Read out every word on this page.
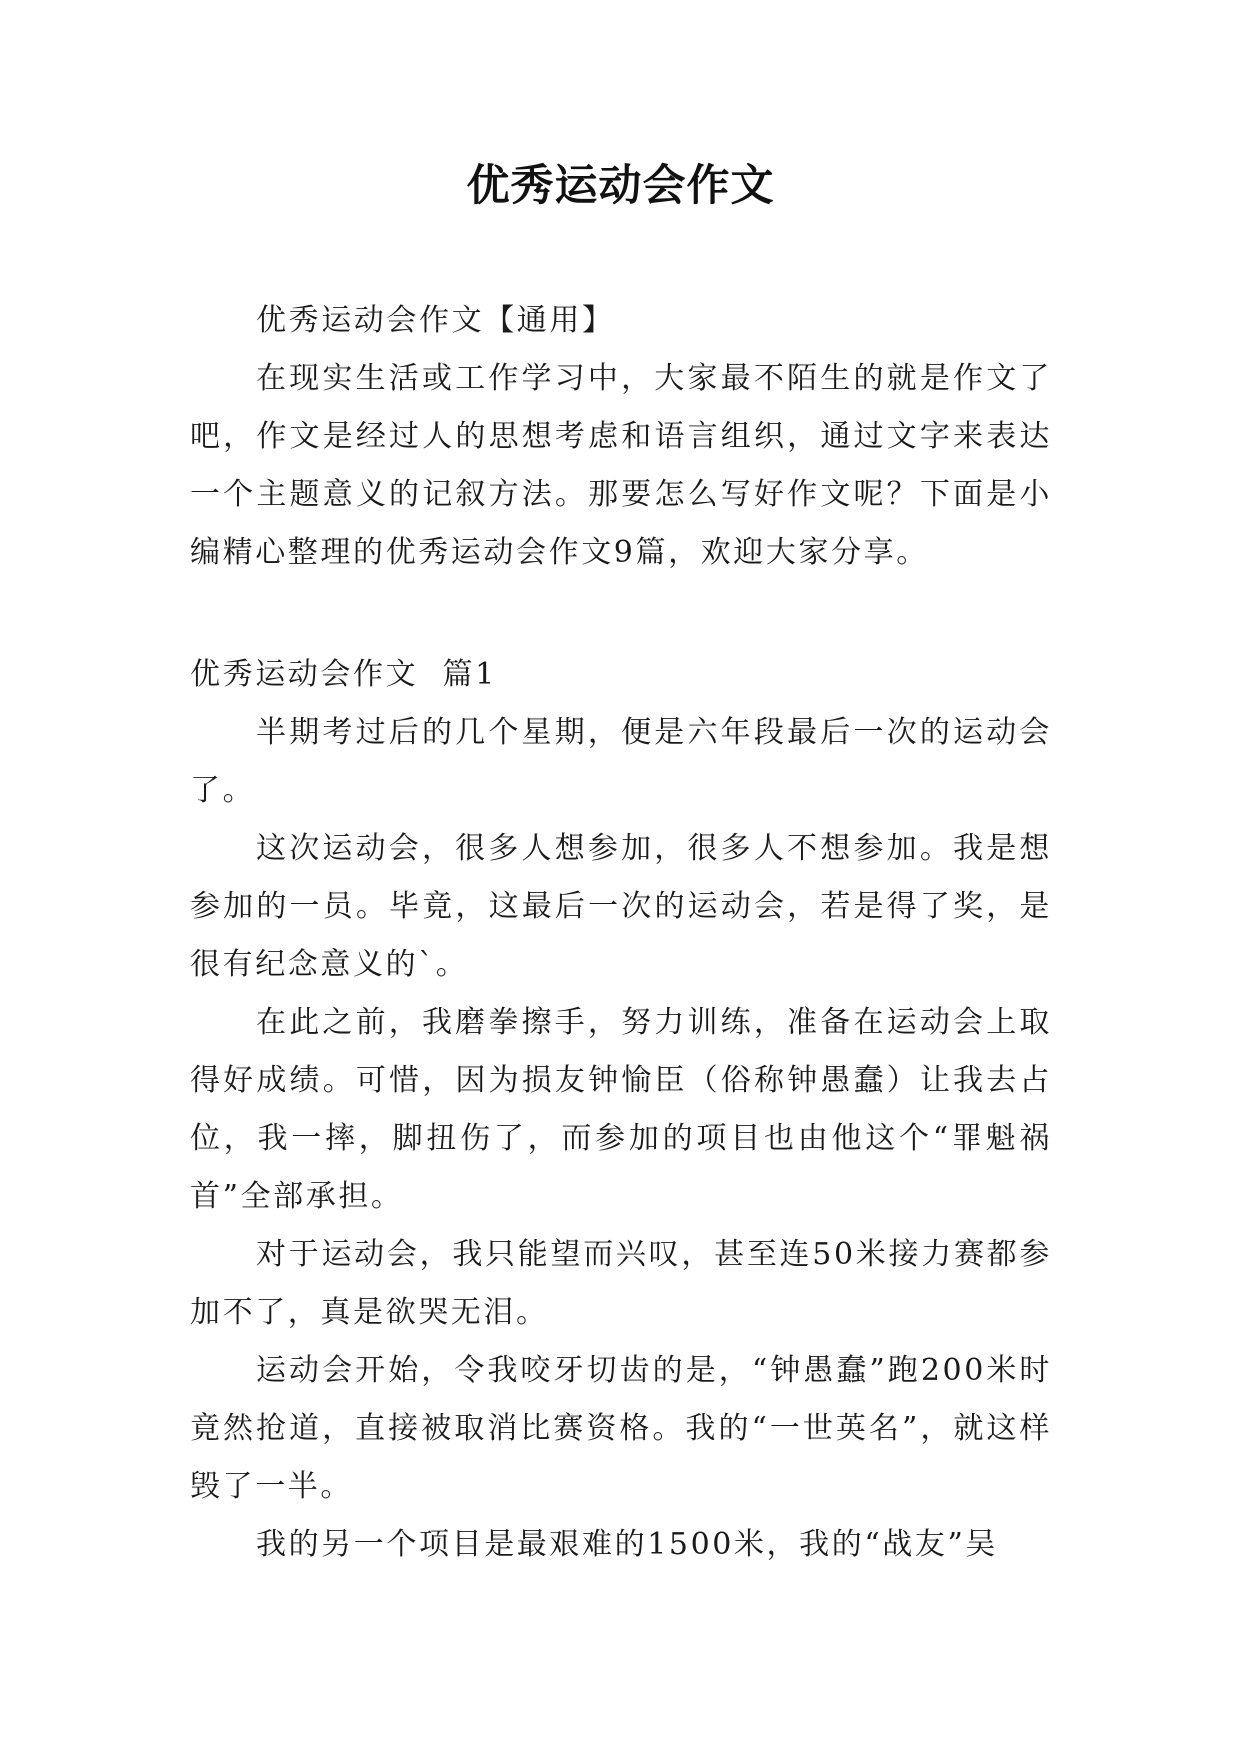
优秀运动会作文

优秀运动会作文【通用】

在现实生活或工作学习中，大家最不陌生的就是作文了吧，作文是经过人的思想考虑和语言组织，通过文字来表达一个主题意义的记叙方法。那要怎么写好作文呢？下面是小编精心整理的优秀运动会作文9篇，欢迎大家分享。

优秀运动会作文  篇1

半期考过后的几个星期，便是六年段最后一次的运动会了。

这次运动会，很多人想参加，很多人不想参加。我是想参加的一员。毕竟，这最后一次的运动会，若是得了奖，是很有纪念意义的`。

在此之前，我磨拳擦手，努力训练，准备在运动会上取得好成绩。可惜，因为损友钟愉臣（俗称钟愚蠢）让我去占位，我一摔，脚扭伤了，而参加的项目也由他这个“罪魁祸首”全部承担。

对于运动会，我只能望而兴叹，甚至连50米接力赛都参加不了，真是欲哭无泪。

运动会开始，令我咬牙切齿的是，“钟愚蠢”跑200米时竟然抢道，直接被取消比赛资格。我的“一世英名”，就这样毁了一半。

我的另一个项目是最艰难的1500米，我的“战友”吴
